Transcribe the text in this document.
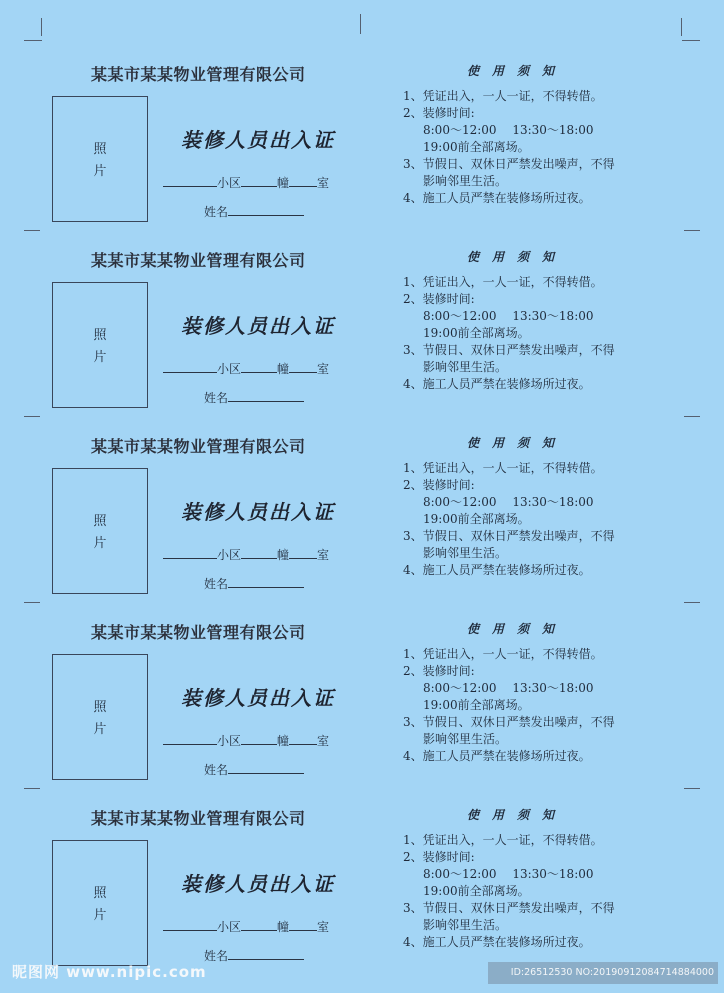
某某市某某物业管理有限公司
照片
装修人员出入证
小区	幢 室
姓名
使用须知
1、凭证出入，一人一证，不得转借。
2、装修时间:
8:00～12:00　 13:30～18:00
19:00前全部离场。
3、节假日、双休日严禁发出噪声，不得
影响邻里生活。
4、施工人员严禁在装修场所过夜。
某某市某某物业管理有限公司
照片
装修人员出入证
小区	幢 室
姓名
使用须知
1、凭证出入，一人一证，不得转借。
2、装修时间:
8:00～12:00　 13:30～18:00
19:00前全部离场。
3、节假日、双休日严禁发出噪声，不得
影响邻里生活。
4、施工人员严禁在装修场所过夜。
某某市某某物业管理有限公司
照片
装修人员出入证
小区	幢 室
姓名
使用须知
1、凭证出入，一人一证，不得转借。
2、装修时间:
8:00～12:00　 13:30～18:00
19:00前全部离场。
3、节假日、双休日严禁发出噪声，不得
影响邻里生活。
4、施工人员严禁在装修场所过夜。
某某市某某物业管理有限公司
照片
装修人员出入证
小区	幢 室
姓名
使用须知
1、凭证出入，一人一证，不得转借。
2、装修时间:
8:00～12:00　 13:30～18:00
19:00前全部离场。
3、节假日、双休日严禁发出噪声，不得
影响邻里生活。
4、施工人员严禁在装修场所过夜。
某某市某某物业管理有限公司
照片
装修人员出入证
小区	幢 室
姓名
使用须知
1、凭证出入，一人一证，不得转借。
2、装修时间:
8:00～12:00　 13:30～18:00
19:00前全部离场。
3、节假日、双休日严禁发出噪声，不得
影响邻里生活。
4、施工人员严禁在装修场所过夜。
昵图网 www.nipic.com	ID:26512530 NO:20190912084714884000
